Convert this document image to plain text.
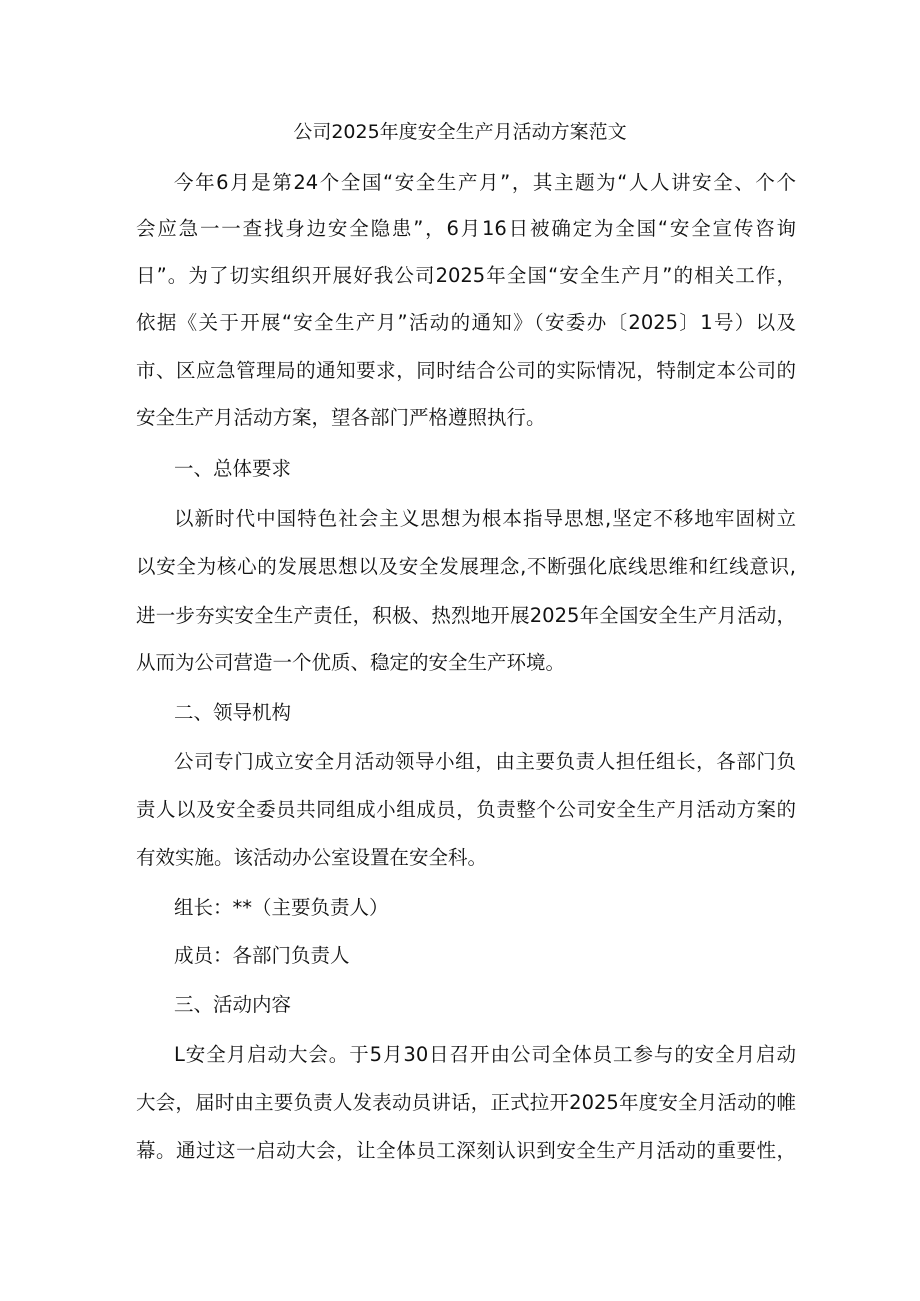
公司2025年度安全生产月活动方案范文

今年6月是第24个全国“安全生产月”，其主题为“人人讲安全、个个

会应急一一查找身边安全隐患”，6月16日被确定为全国“安全宣传咨询

日”。为了切实组织开展好我公司2025年全国“安全生产月”的相关工作，

依据《关于开展“安全生产月”活动的通知》（安委办〔2025〕1号）以及

市、区应急管理局的通知要求，同时结合公司的实际情况，特制定本公司的

安全生产月活动方案，望各部门严格遵照执行。

一、总体要求

以新时代中国特色社会主义思想为根本指导思想,坚定不移地牢固树立

以安全为核心的发展思想以及安全发展理念,不断强化底线思维和红线意识,

进一步夯实安全生产责任，积极、热烈地开展2025年全国安全生产月活动，

从而为公司营造一个优质、稳定的安全生产环境。

二、领导机构

公司专门成立安全月活动领导小组，由主要负责人担任组长，各部门负

责人以及安全委员共同组成小组成员，负责整个公司安全生产月活动方案的

有效实施。该活动办公室设置在安全科。

组长：**（主要负责人）

成员：各部门负责人

三、活动内容

L安全月启动大会。于5月30日召开由公司全体员工参与的安全月启动

大会，届时由主要负责人发表动员讲话，正式拉开2025年度安全月活动的帷

幕。通过这一启动大会，让全体员工深刻认识到安全生产月活动的重要性，
